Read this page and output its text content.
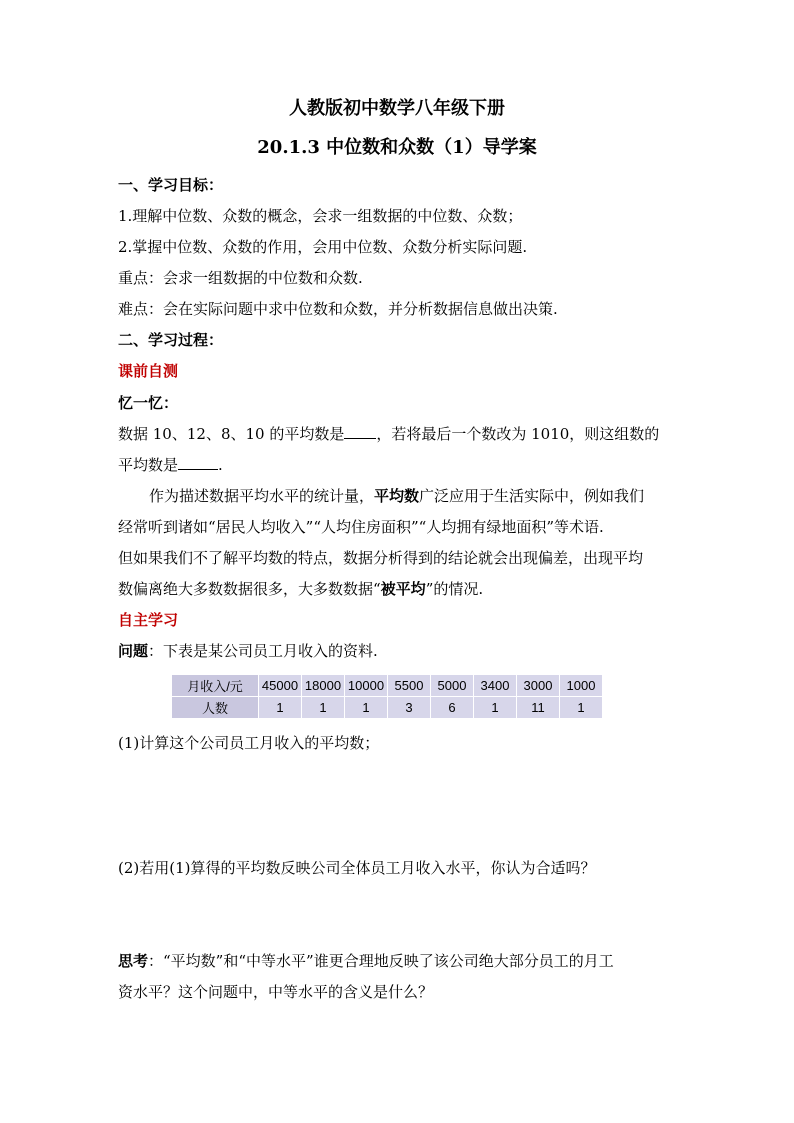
人教版初中数学八年级下册
20.1.3 中位数和众数（1）导学案
一、学习目标：
1.理解中位数、众数的概念，会求一组数据的中位数、众数；
2.掌握中位数、众数的作用，会用中位数、众数分析实际问题.
重点：会求一组数据的中位数和众数.
难点：会在实际问题中求中位数和众数，并分析数据信息做出决策.
二、学习过程：
课前自测
忆一忆：
数据 10、12、8、10 的平均数是 ，若将最后一个数改为 1010，则这组数的
平均数是	.
作为描述数据平均水平的统计量，平均数广泛应用于生活实际中，例如我们
经常听到诸如“居民人均收入”“人均住房面积”“人均拥有绿地面积”等术语.
但如果我们不了解平均数的特点，数据分析得到的结论就会出现偏差，出现平均
数偏离绝大多数数据很多，大多数数据“被平均”的情况.
自主学习
问题：下表是某公司员工月收入的资料.
月收入/元	45000	18000	10000	5500	5000	3400	3000	1000
人数	1	1	1	3	6	1	11	1
(1)计算这个公司员工月收入的平均数；
(2)若用(1)算得的平均数反映公司全体员工月收入水平，你认为合适吗？
思考：“平均数”和“中等水平”谁更合理地反映了该公司绝大部分员工的月工
资水平？这个问题中，中等水平的含义是什么？
